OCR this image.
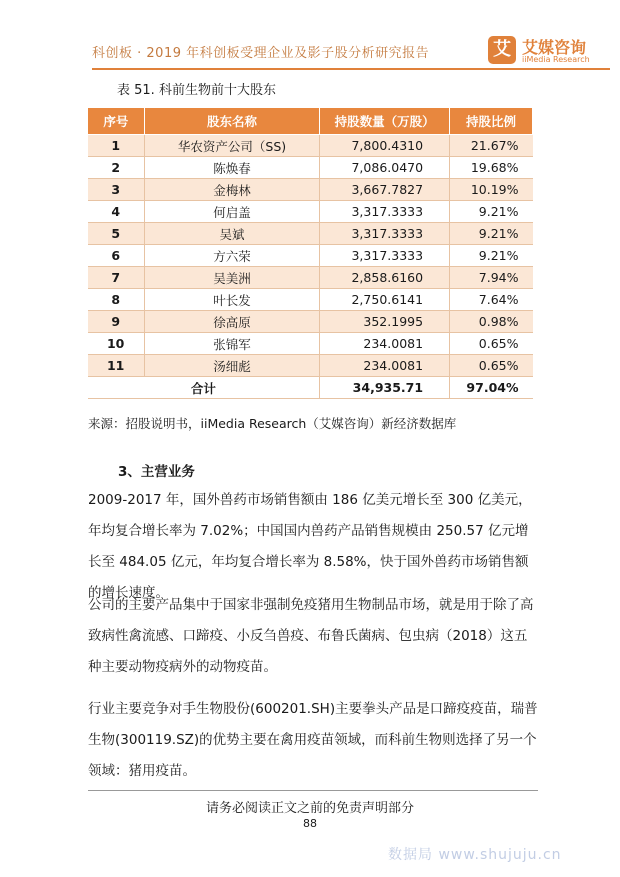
科创板 · 2019 年科创板受理企业及影子股分析研究报告	艾 艾媒咨询
iiMedia Research
表 51. 科前生物前十大股东
序号	股东名称	持股数量（万股）	持股比例
1	华农资产公司（SS)	7,800.4310	21.67%
2	陈焕春	7,086.0470	19.68%
3	金梅林	3,667.7827	10.19%
4	何启盖	3,317.3333	9.21%
5	吴斌	3,317.3333	9.21%
6	方六荣	3,317.3333	9.21%
7	吴美洲	2,858.6160	7.94%
8	叶长发	2,750.6141	7.64%
9	徐高原	352.1995	0.98%
10	张锦军	234.0081	0.65%
11	汤细彪	234.0081	0.65%
合计		34,935.71	97.04%
来源：招股说明书，iiMedia Research（艾媒咨询）新经济数据库
3、主营业务
2009-2017 年，国外兽药市场销售额由 186 亿美元增长至 300 亿美元，年均复合增长率为 7.02%；中国国内兽药产品销售规模由 250.57 亿元增长至 484.05 亿元，年均复合增长率为 8.58%，快于国外兽药市场销售额的增长速度。
公司的主要产品集中于国家非强制免疫猪用生物制品市场，就是用于除了高致病性禽流感、口蹄疫、小反刍兽疫、布鲁氏菌病、包虫病（2018）这五种主要动物疫病外的动物疫苗。
行业主要竞争对手生物股份(600201.SH)主要拳头产品是口蹄疫疫苗，瑞普生物(300119.SZ)的优势主要在禽用疫苗领域，而科前生物则选择了另一个领域：猪用疫苗。
请务必阅读正文之前的免责声明部分
88
数据局 www.shujuju.cn
